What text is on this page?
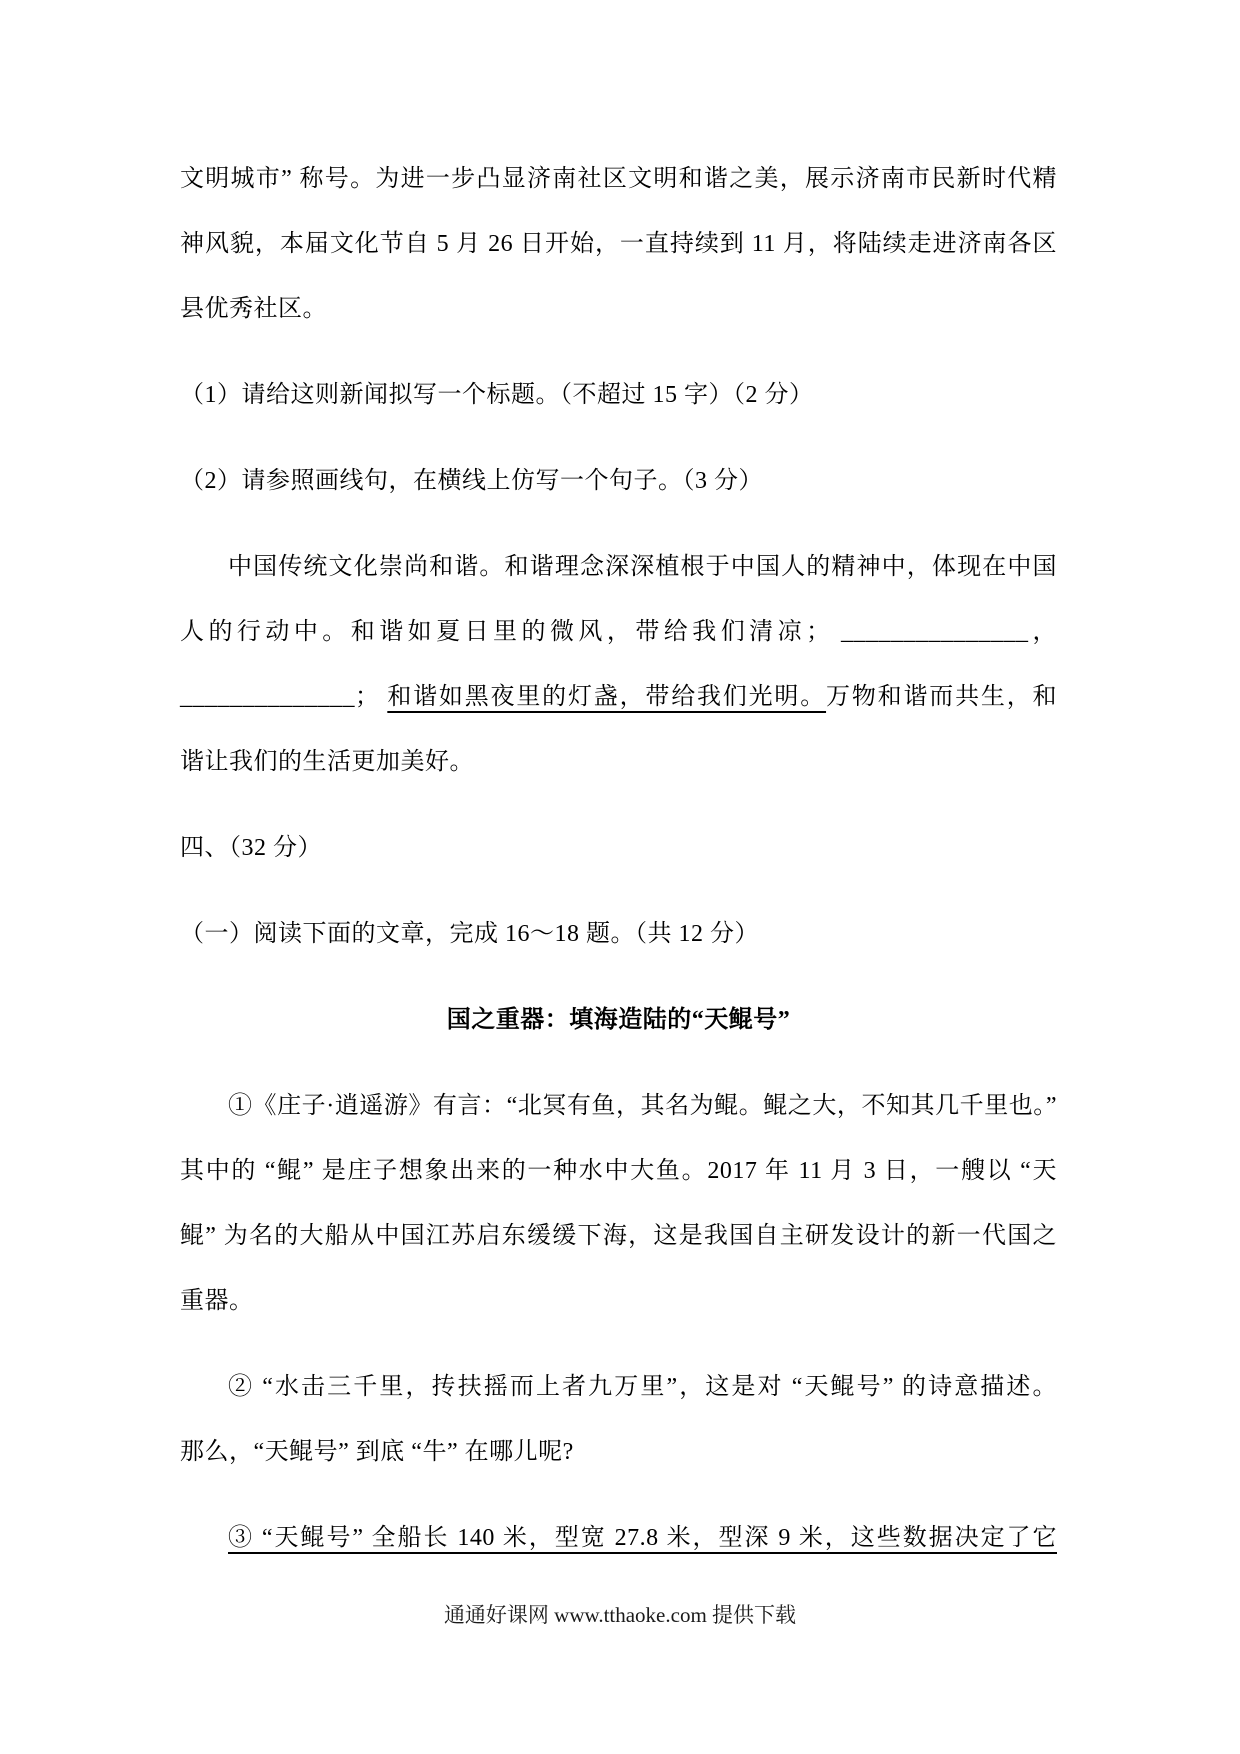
文明城市” 称号。为进一步凸显济南社区文明和谐之美，展示济南市民新时代精
神风貌，本届文化节自 5 月 26 日开始，一直持续到 11 月，将陆续走进济南各区
县优秀社区。
（1）请给这则新闻拟写一个标题。（不超过 15 字）（2 分）
（2）请参照画线句，在横线上仿写一个句子。（3 分）
中国传统文化崇尚和谐。和谐理念深深植根于中国人的精神中，体现在中国
人的行动中。和谐如夏日里的微风，带给我们清凉； _______________，
______________； 和谐如黑夜里的灯盏，带给我们光明。万物和谐而共生，和
谐让我们的生活更加美好。
四、（32 分）
（一）阅读下面的文章，完成 16～18 题。（共 12 分）
国之重器：填海造陆的“天鲲号”
①《庄子·逍遥游》有言：“北冥有鱼，其名为鲲。鲲之大，不知其几千里也。”
其中的 “鲲” 是庄子想象出来的一种水中大鱼。2017 年 11 月 3 日，一艘以 “天
鲲” 为名的大船从中国江苏启东缓缓下海，这是我国自主研发设计的新一代国之
重器。
② “水击三千里，抟扶摇而上者九万里”，这是对 “天鲲号” 的诗意描述。
那么，“天鲲号” 到底 “牛” 在哪儿呢?
③ “天鲲号” 全船长 140 米，型宽 27.8 米，型深 9 米，这些数据决定了它
通通好课网 www.tthaoke.com 提供下载
